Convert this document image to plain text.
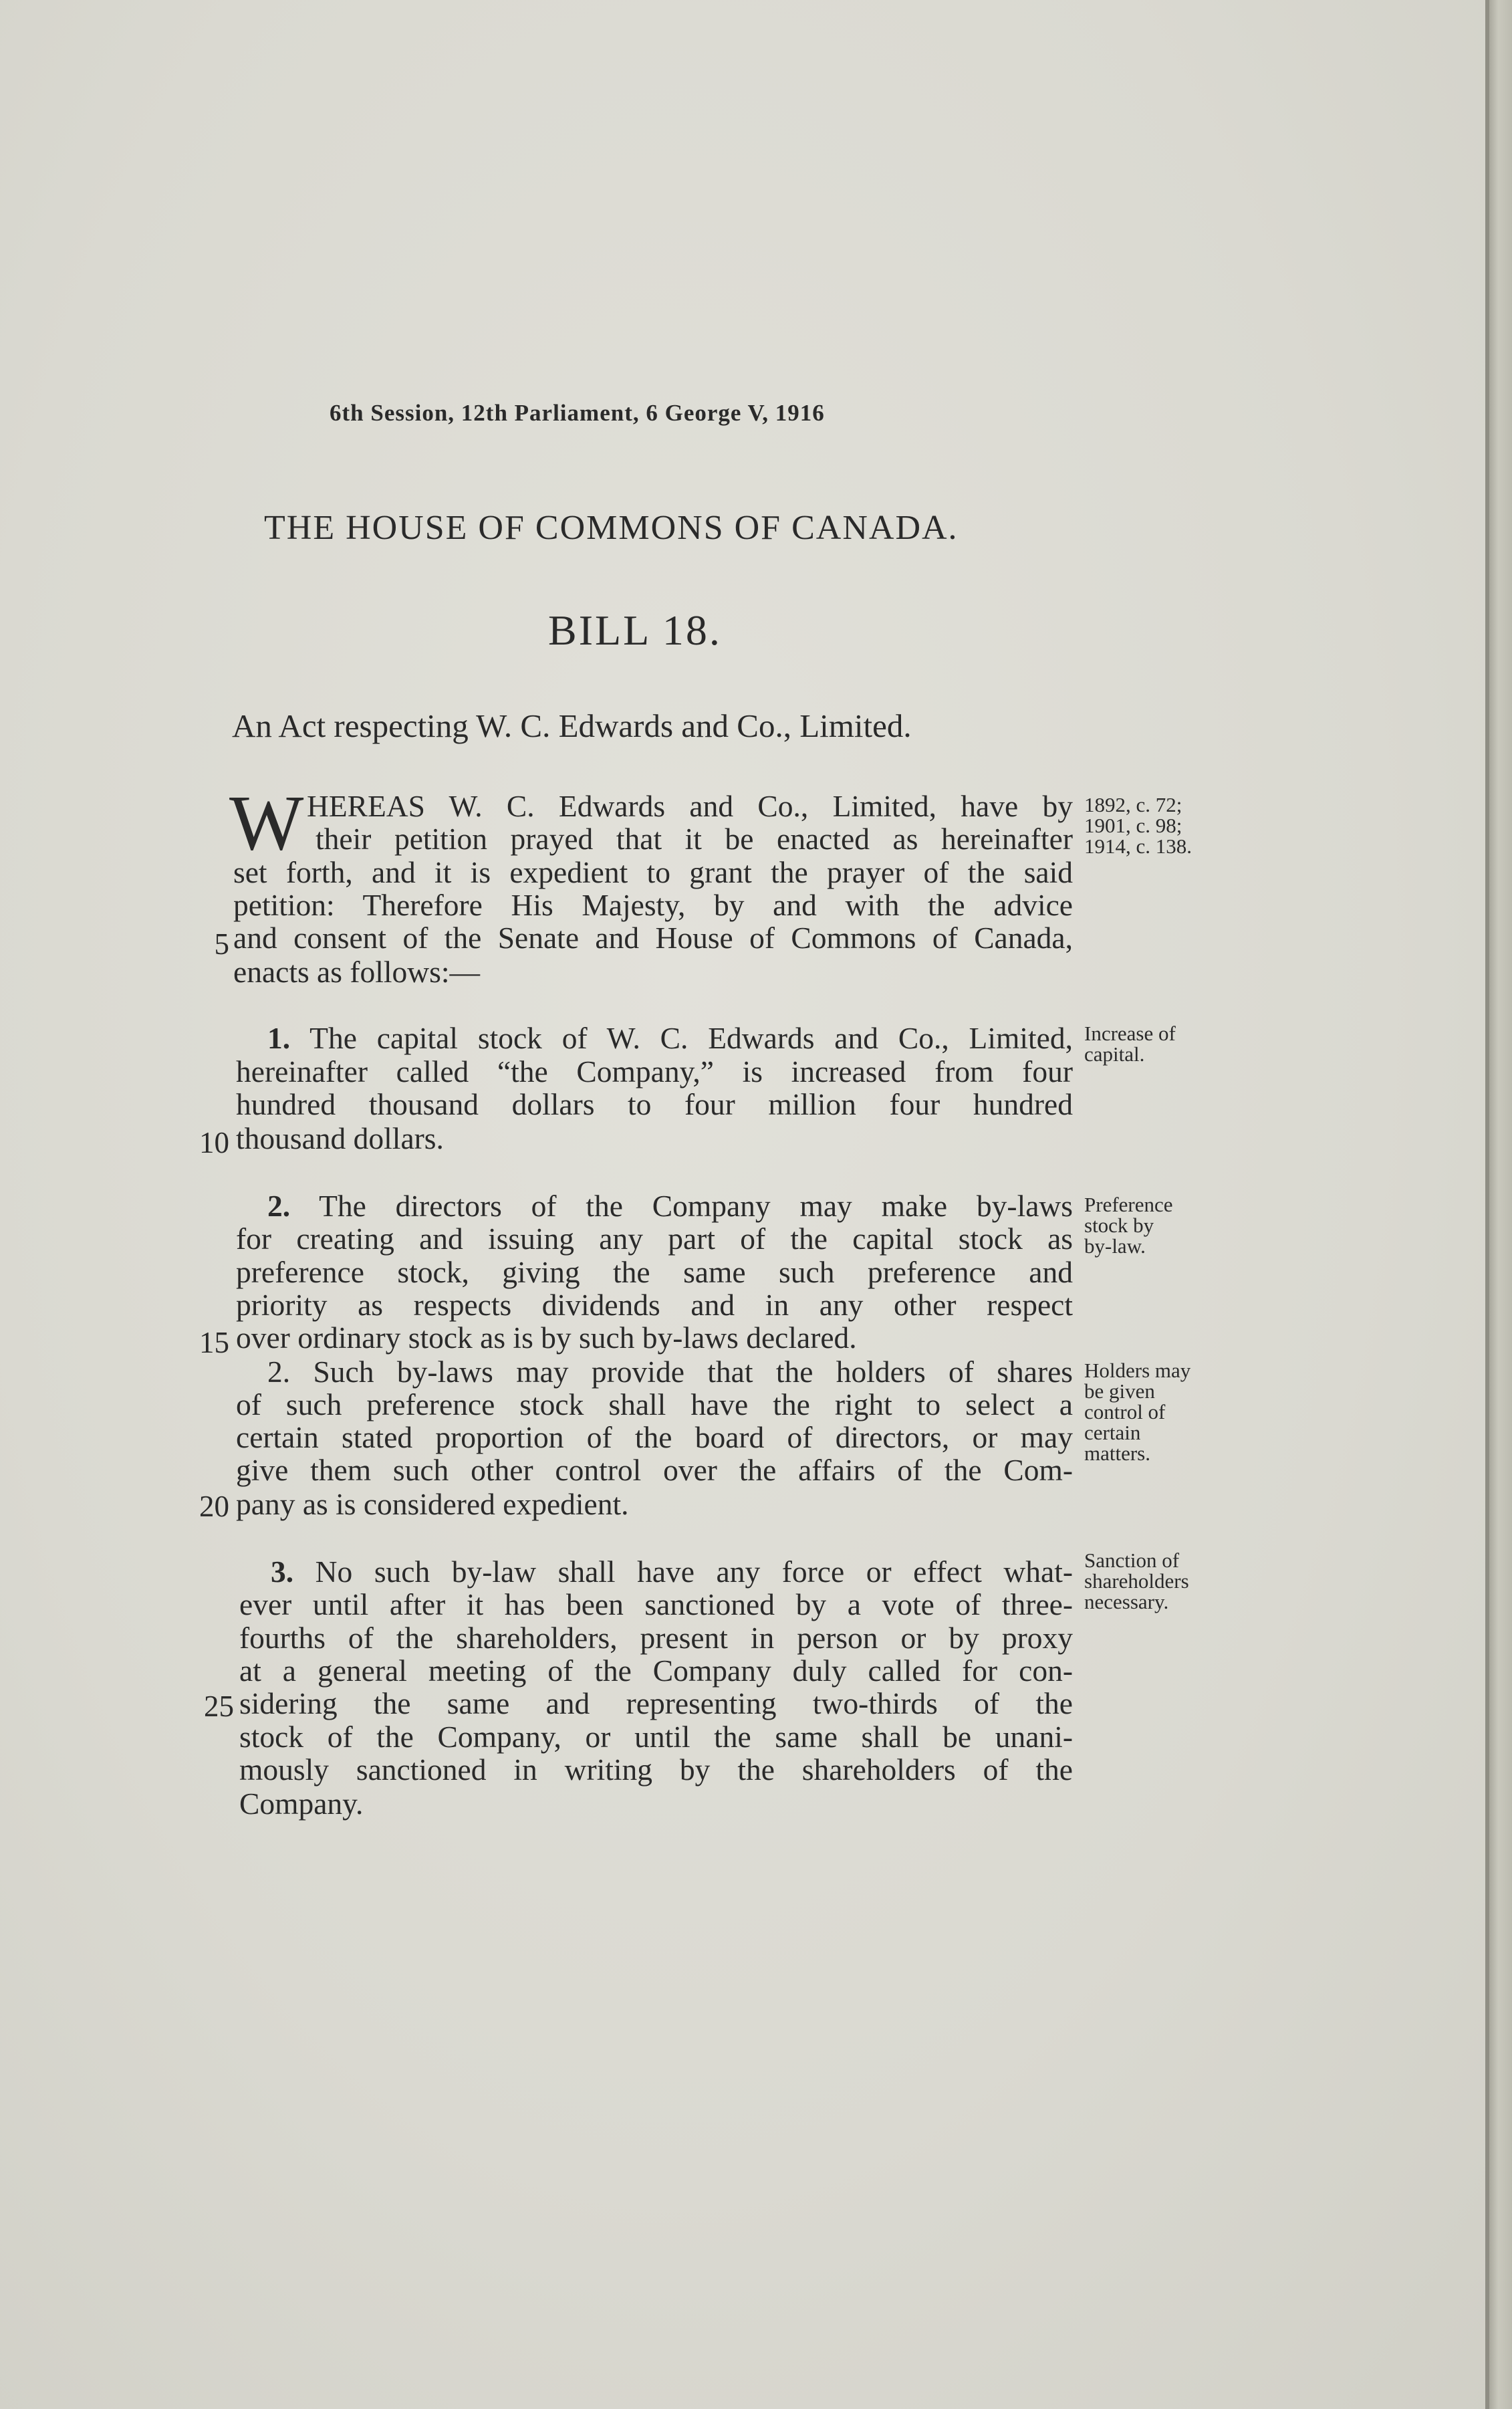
6th Session, 12th Parliament, 6 George V, 1916
THE HOUSE OF COMMONS OF CANADA.
BILL 18.
An Act respecting W. C. Edwards and Co., Limited.
W HEREAS W. C. Edwards and Co., Limited, have by
their petition prayed that it be enacted as hereinafter
set forth, and it is expedient to grant the prayer of the said
petition: Therefore His Majesty, by and with the advice
and consent of the Senate and House of Commons of Canada,
enacts as follows:—
5
1892, c. 72;
1901, c. 98;
1914, c. 138.
1. The capital stock of W. C. Edwards and Co., Limited,
hereinafter called “the Company,” is increased from four
hundred thousand dollars to four million four hundred
thousand dollars.
10
Increase of
capital.
2. The directors of the Company may make by-laws
for creating and issuing any part of the capital stock as
preference stock, giving the same such preference and
priority as respects dividends and in any other respect
over ordinary stock as is by such by-laws declared.
15
Preference
stock by
by-law.
2. Such by-laws may provide that the holders of shares
of such preference stock shall have the right to select a
certain stated proportion of the board of directors, or may
give them such other control over the affairs of the Com-
pany as is considered expedient.
20
Holders may
be given
control of
certain
matters.
3. No such by-law shall have any force or effect what-
ever until after it has been sanctioned by a vote of three-
fourths of the shareholders, present in person or by proxy
at a general meeting of the Company duly called for con-
sidering the same and representing two-thirds of the
stock of the Company, or until the same shall be unani-
mously sanctioned in writing by the shareholders of the
Company.
25
Sanction of
shareholders
necessary.
